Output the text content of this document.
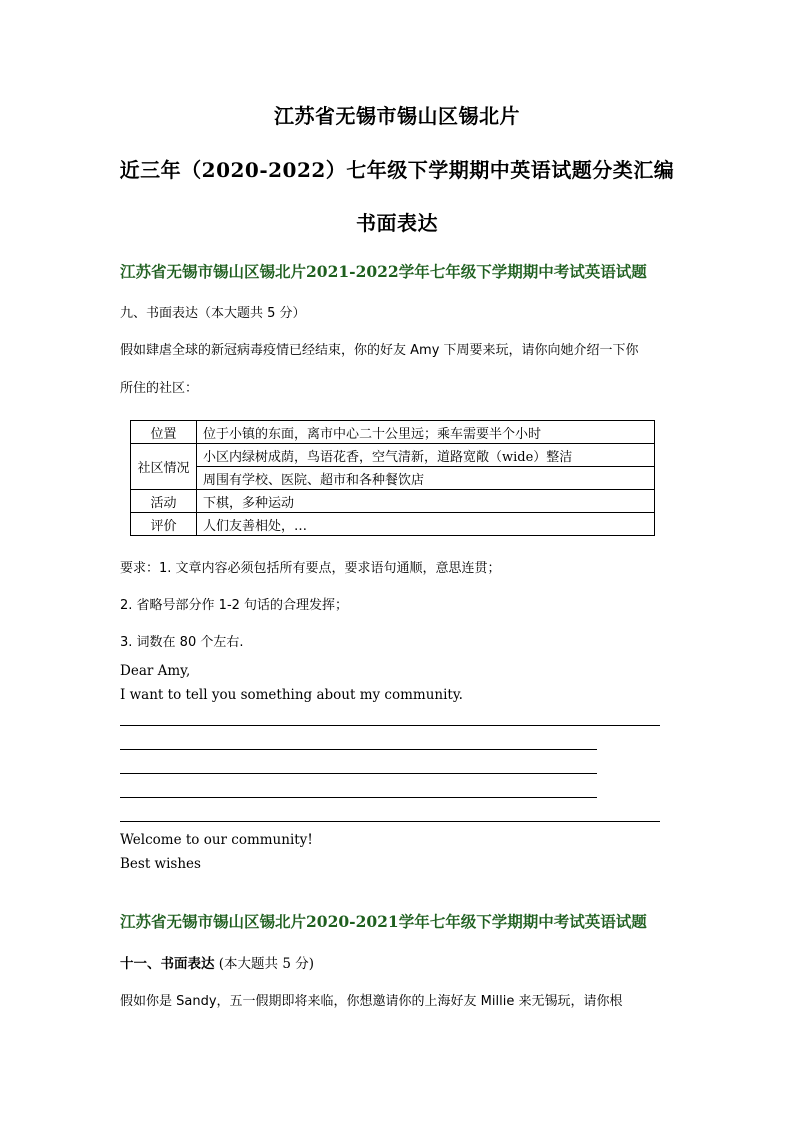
江苏省无锡市锡山区锡北片
近三年（2020-2022）七年级下学期期中英语试题分类汇编
书面表达
江苏省无锡市锡山区锡北片2021-2022学年七年级下学期期中考试英语试题
九、书面表达（本大题共 5 分）
假如肆虐全球的新冠病毒疫情已经结束，你的好友 Amy 下周要来玩，请你向她介绍一下你
所住的社区：
位置	位于小镇的东面，离市中心二十公里远；乘车需要半个小时
社区情况	小区内绿树成荫，鸟语花香，空气清新，道路宽敞（wide）整洁
	周围有学校、医院、超市和各种餐饮店
活动	下棋，多种运动
评价	人们友善相处，…
要求：1. 文章内容必须包括所有要点，要求语句通顺，意思连贯；
2. 省略号部分作 1-2 句话的合理发挥；
3. 词数在 80 个左右.
Dear Amy,
I want to tell you something about my community.
Welcome to our community!
Best wishes
江苏省无锡市锡山区锡北片2020-2021学年七年级下学期期中考试英语试题
十一、书面表达 (本大题共 5 分)
假如你是 Sandy，五一假期即将来临，你想邀请你的上海好友 Millie 来无锡玩，请你根
